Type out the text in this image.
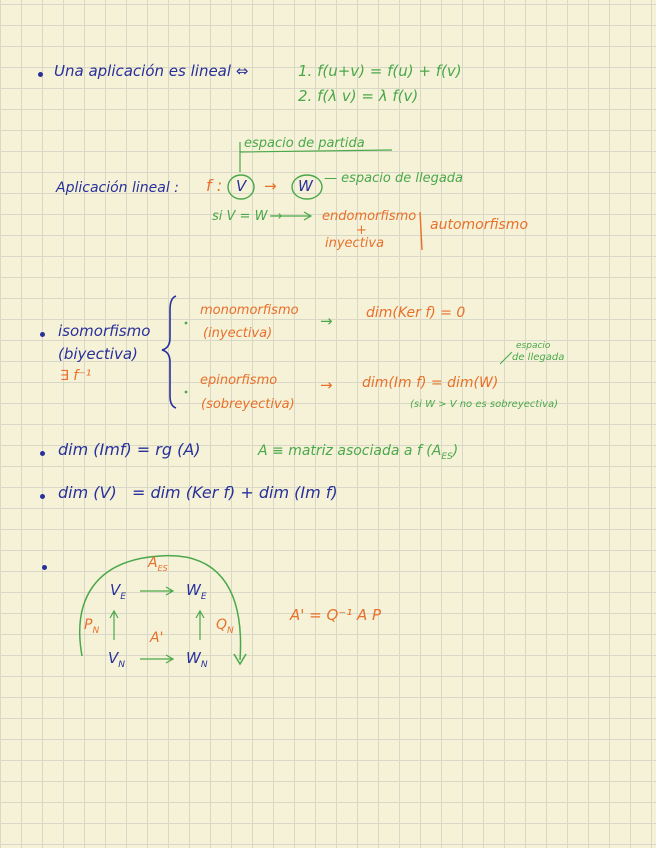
Una aplicación es lineal ⇔	1. f(u+v) = f(u) + f(v)
2. f(λ v) = λ f(v)
espacio de partida
Aplicación lineal : f : V → W — espacio de llegada
si V = W →	endomorfismo
+
inyectiva
automorfismo
isomorfismo
(biyectiva)
∃ f⁻¹
monomorfismo
(inyectiva)
→ dim(Ker f) = 0
epinorfismo
(sobreyectiva)
→ dim(Im f) = dim(W)
espacio
de llegada
(si W > V no es sobreyectiva)
dim (Imf) = rg (A)	A ≡ matriz asociada a f $(A_{ES})$
dim (V)   = dim (Ker f) + dim (Im f)
$A_{ES}$
$V_E$	$W_E$
$P_N$	$Q_N$
A'
$V_N$	$W_N$
A' = Q⁻¹ A P
